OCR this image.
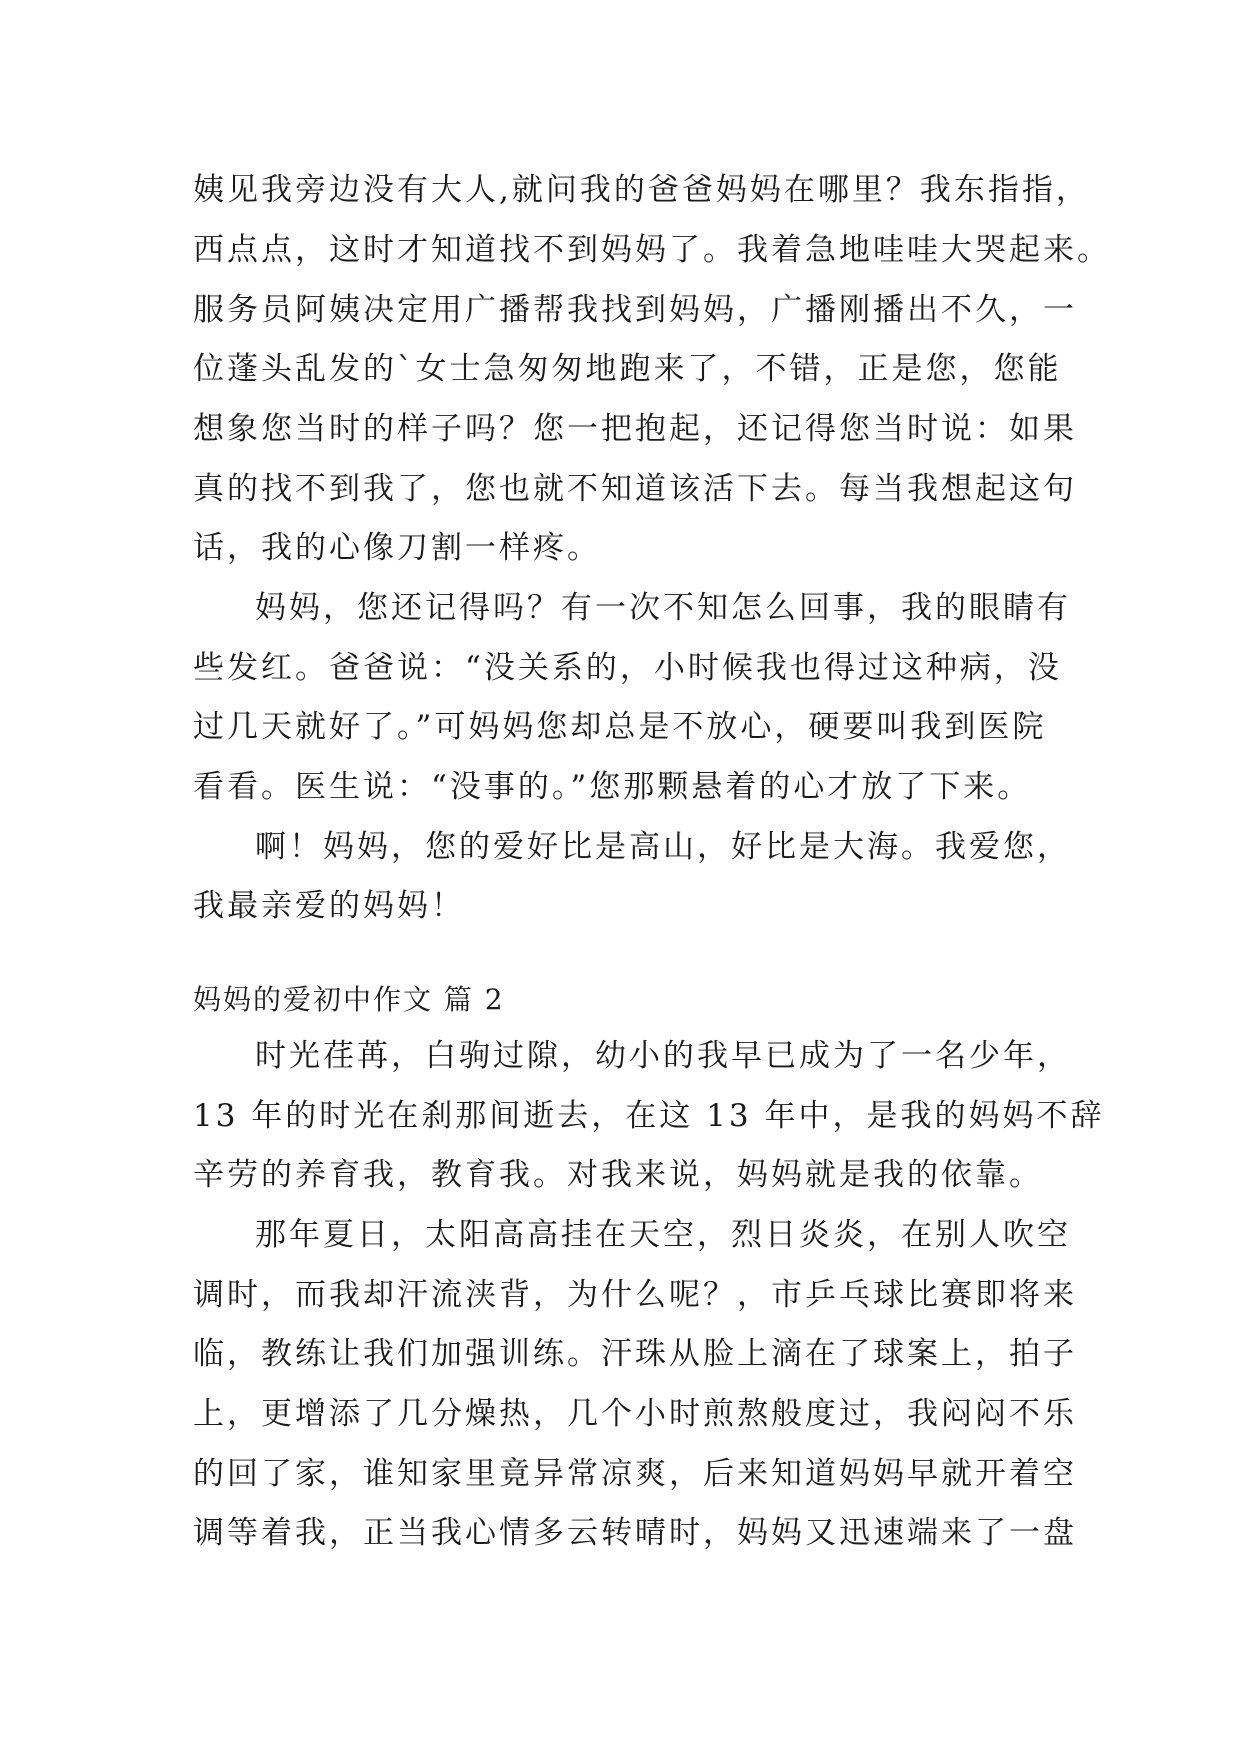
姨见我旁边没有大人,就问我的爸爸妈妈在哪里？我东指指，

西点点，这时才知道找不到妈妈了。我着急地哇哇大哭起来。

服务员阿姨决定用广播帮我找到妈妈，广播刚播出不久，一

位蓬头乱发的`女士急匆匆地跑来了，不错，正是您，您能

想象您当时的样子吗？您一把抱起，还记得您当时说：如果

真的找不到我了，您也就不知道该活下去。每当我想起这句

话，我的心像刀割一样疼。

妈妈，您还记得吗？有一次不知怎么回事，我的眼睛有

些发红。爸爸说：“没关系的，小时候我也得过这种病，没

过几天就好了。”可妈妈您却总是不放心，硬要叫我到医院

看看。医生说：“没事的。”您那颗悬着的心才放了下来。

啊！妈妈，您的爱好比是高山，好比是大海。我爱您，

我最亲爱的妈妈！

妈妈的爱初中作文 篇 2

时光荏苒，白驹过隙，幼小的我早已成为了一名少年，

13 年的时光在刹那间逝去，在这 13 年中，是我的妈妈不辞

辛劳的养育我，教育我。对我来说，妈妈就是我的依靠。

那年夏日，太阳高高挂在天空，烈日炎炎，在别人吹空

调时，而我却汗流浃背，为什么呢？，市乒乓球比赛即将来

临，教练让我们加强训练。汗珠从脸上滴在了球案上，拍子

上，更增添了几分燥热，几个小时煎熬般度过，我闷闷不乐

的回了家，谁知家里竟异常凉爽，后来知道妈妈早就开着空

调等着我，正当我心情多云转晴时，妈妈又迅速端来了一盘
